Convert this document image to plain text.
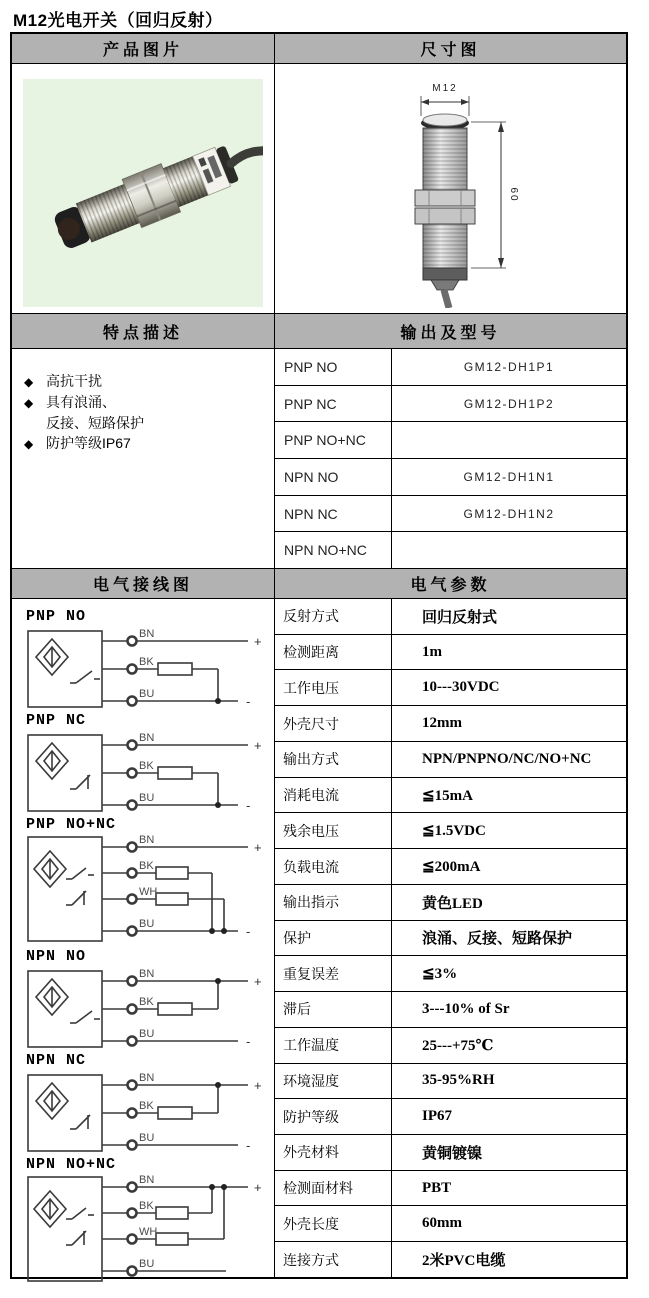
M12光电开关（回归反射）
产品图片	尺寸图
M12
60
特点描述	输出及型号
◆ 高抗干扰
◆ 具有浪涌、
反接、短路保护
◆ 防护等级IP67
PNP NO	GM12-DH1P1
PNP NC	GM12-DH1P2
PNP NO+NC
NPN NO	GM12-DH1N1
NPN NC	GM12-DH1N2
NPN NO+NC
电气接线图	电气参数
PNP NO
BN
BK
BU
+
-
PNP NC
BN
BK
BU
+
-
PNP NO+NC
BN
BK
WH
BU
+
-
NPN NO
BN
BK
BU
+
-
NPN NC
BN
BK
BU
+
-
NPN NO+NC
BN
BK
WH
BU
+
反射方式	回归反射式
检测距离	1m
工作电压	10---30VDC
外壳尺寸	12mm
输出方式	NPN/PNPNO/NC/NO+NC
消耗电流	≦15mA
残余电压	≦1.5VDC
负载电流	≦200mA
输出指示	黄色LED
保护	浪涌、反接、短路保护
重复误差	≦3%
滞后	3---10% of Sr
工作温度	25---+75℃
环境湿度	35-95%RH
防护等级	IP67
外壳材料	黄铜镀镍
检测面材料	PBT
外壳长度	60mm
连接方式	2米PVC电缆
